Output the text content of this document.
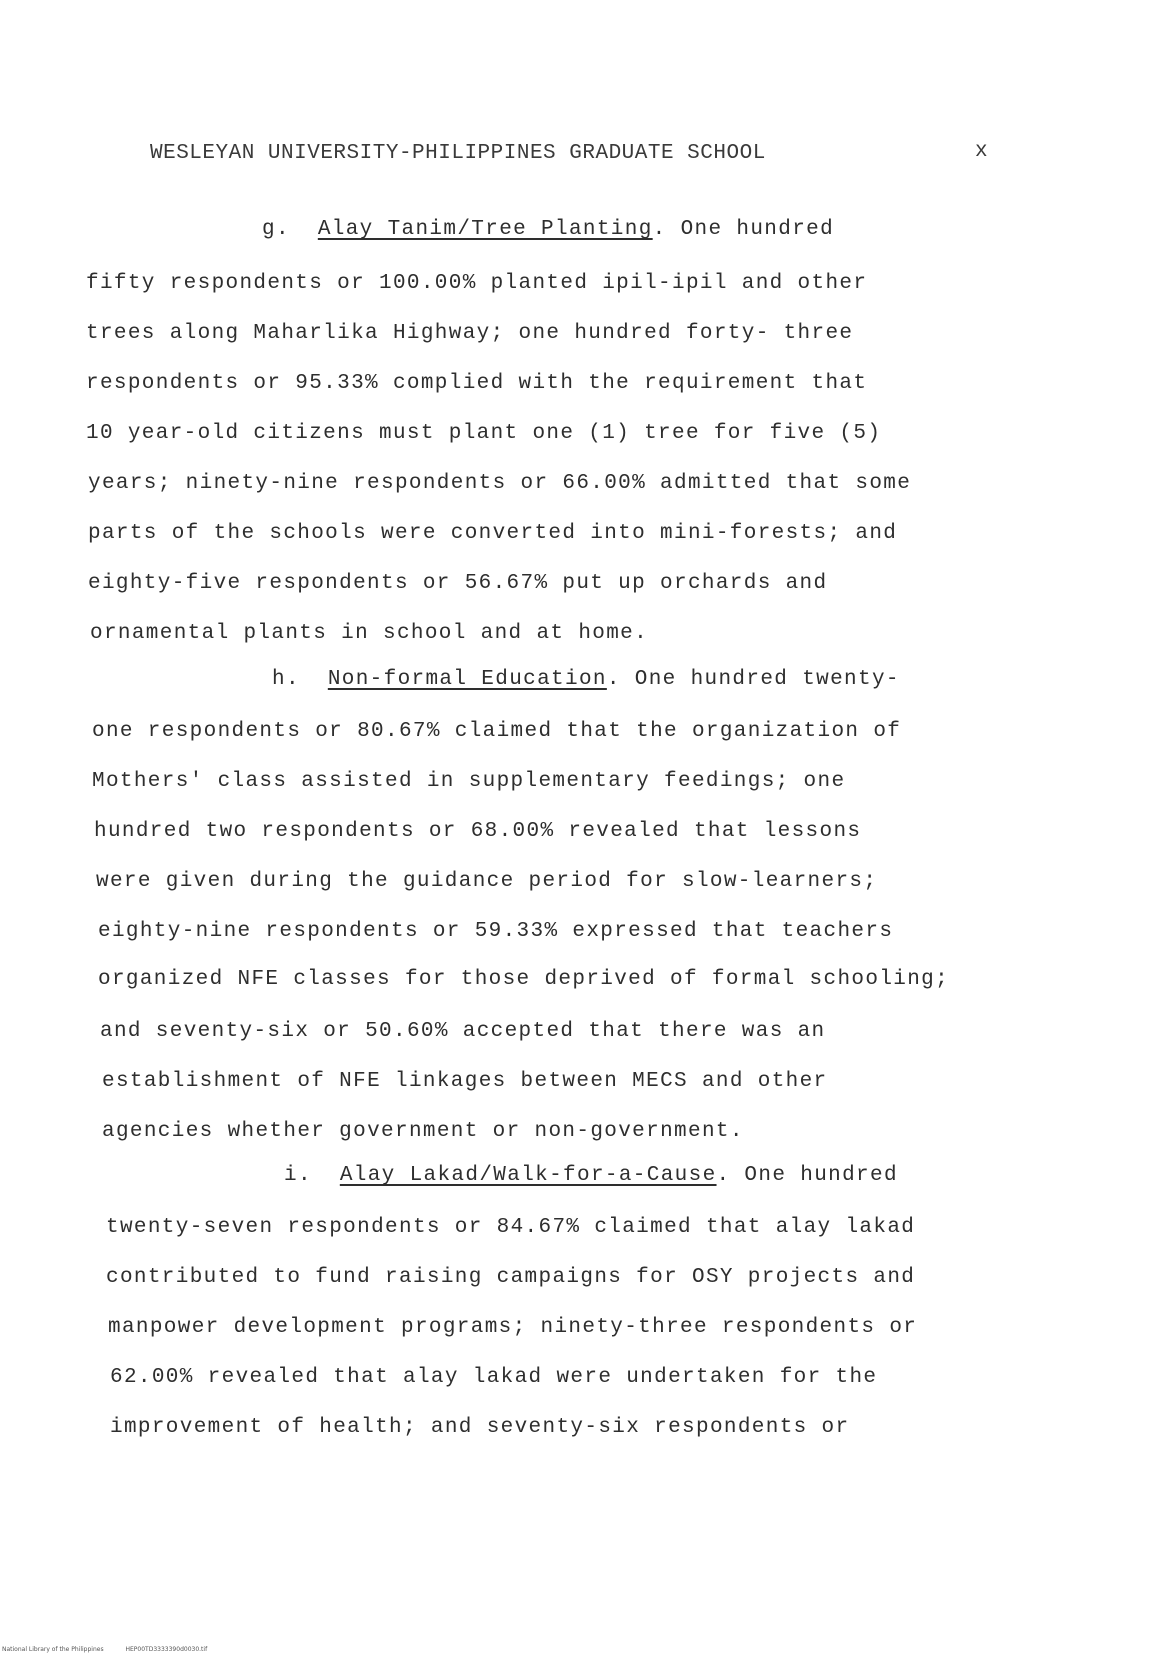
WESLEYAN UNIVERSITY-PHILIPPINES GRADUATE SCHOOL	x
g. Alay Tanim/Tree Planting. One hundred
fifty respondents or 100.00% planted ipil-ipil and other
trees along Maharlika Highway; one hundred forty- three
respondents or 95.33% complied with the requirement that
10 year-old citizens must plant one (1) tree for five (5)
years; ninety-nine respondents or 66.00% admitted that some
parts of the schools were converted into mini-forests; and
eighty-five respondents or 56.67% put up orchards and
ornamental plants in school and at home.
h. Non-formal Education. One hundred twenty-
one respondents or 80.67% claimed that the organization of
Mothers' class assisted in supplementary feedings; one
hundred two respondents or 68.00% revealed that lessons
were given during the guidance period for slow-learners;
eighty-nine respondents or 59.33% expressed that teachers
organized NFE classes for those deprived of formal schooling;
and seventy-six or 50.60% accepted that there was an
establishment of NFE linkages between MECS and other
agencies whether government or non-government.
i. Alay Lakad/Walk-for-a-Cause. One hundred
twenty-seven respondents or 84.67% claimed that alay lakad
contributed to fund raising campaigns for OSY projects and
manpower development programs; ninety-three respondents or
62.00% revealed that alay lakad were undertaken for the
improvement of health; and seventy-six respondents or
National Library of the Philippines	HEP00TD3333390d0030.tif
